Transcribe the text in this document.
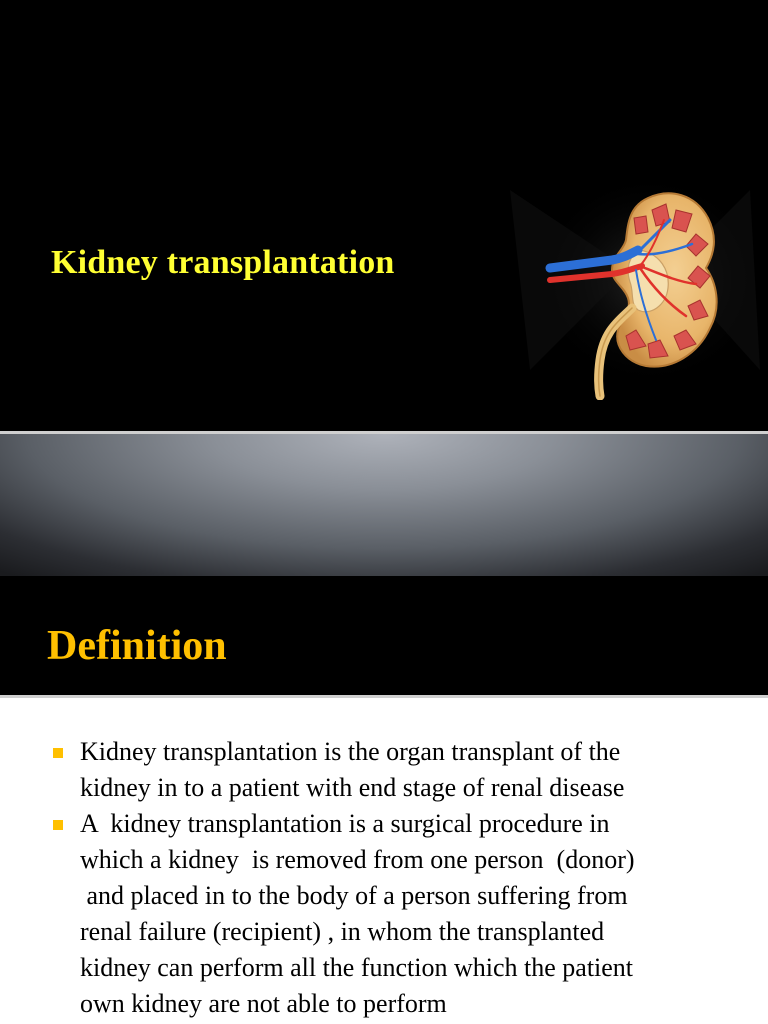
Kidney transplantation
Definition
Kidney transplantation is the organ transplant of the
kidney in to a patient with end stage of renal disease
A  kidney transplantation is a surgical procedure in
which a kidney  is removed from one person  (donor)
and placed in to the body of a person suffering from
renal failure (recipient) , in whom the transplanted
kidney can perform all the function which the patient
own kidney are not able to perform
